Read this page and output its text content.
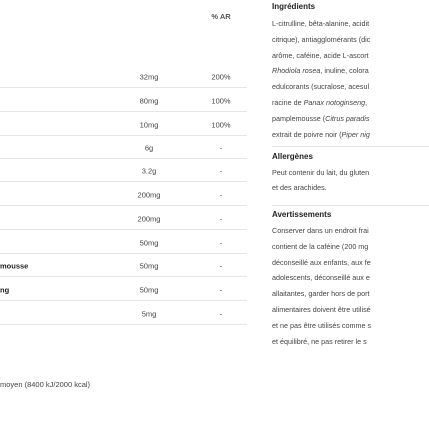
% AR
32mg	200%
80mg	100%
10mg	100%
6g	-
3.2g	-
200mg	-
200mg	-
50mg	-
mousse	50mg	-
ng	50mg	-
5mg	-
moyen (8400 kJ/2000 kcal)
Ingrédients
L-citrulline, bêta-alanine, acidit
citrique), antiagglomérants (dic
arôme, caféine, acide L-ascort
Rhodiola rosea, inuline, colora
edulcorants (sucralose, acesul
racine de Panax notoginseng,
pamplemousse (Citrus paradis
extrait de poivre noir (Piper nig
Allergènes
Peut contenir du lait, du gluten
et des arachides.
Avertissements
Conserver dans un endroit frai
contient de la caféine (200 mg
déconseillé aux enfants, aux fe
adolescents, déconseillé aux e
allaitantes, garder hors de port
alimentaires doivent être utilisé
et ne pas être utilisés comme s
et équilibré, ne pas retirer le s
